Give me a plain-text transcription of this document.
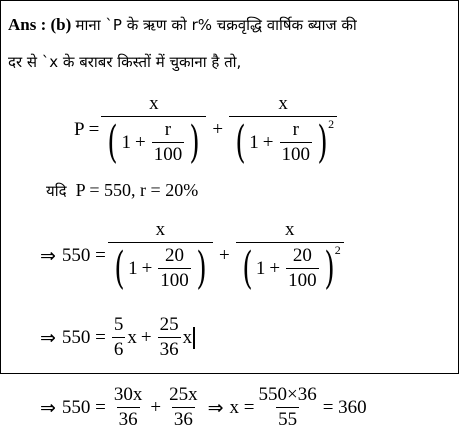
Ans : (b) माना `P के ऋण को r% चक्रवृद्धि वार्षिक ब्याज की
दर से `x के बराबर किस्तों में चुकाना है तो,
$P = \frac{x}{( 1 + \frac{r}{100} )} + \frac{x}{( 1 + \frac{r}{100} ) 2}$
यदि P = 550, r = 20%
⇒ $550 = \frac{x}{( 1 + \frac{20}{100} )} + \frac{x}{( 1 + \frac{20}{100} ) 2}$
⇒ $550 = \frac{5}{6}$ $x + \frac{25}{36}$ x
⇒ $550 = \frac{30x}{36} + \frac{25x}{36}$ ⇒ $x = \frac{550\times 36}{55} = 360$
